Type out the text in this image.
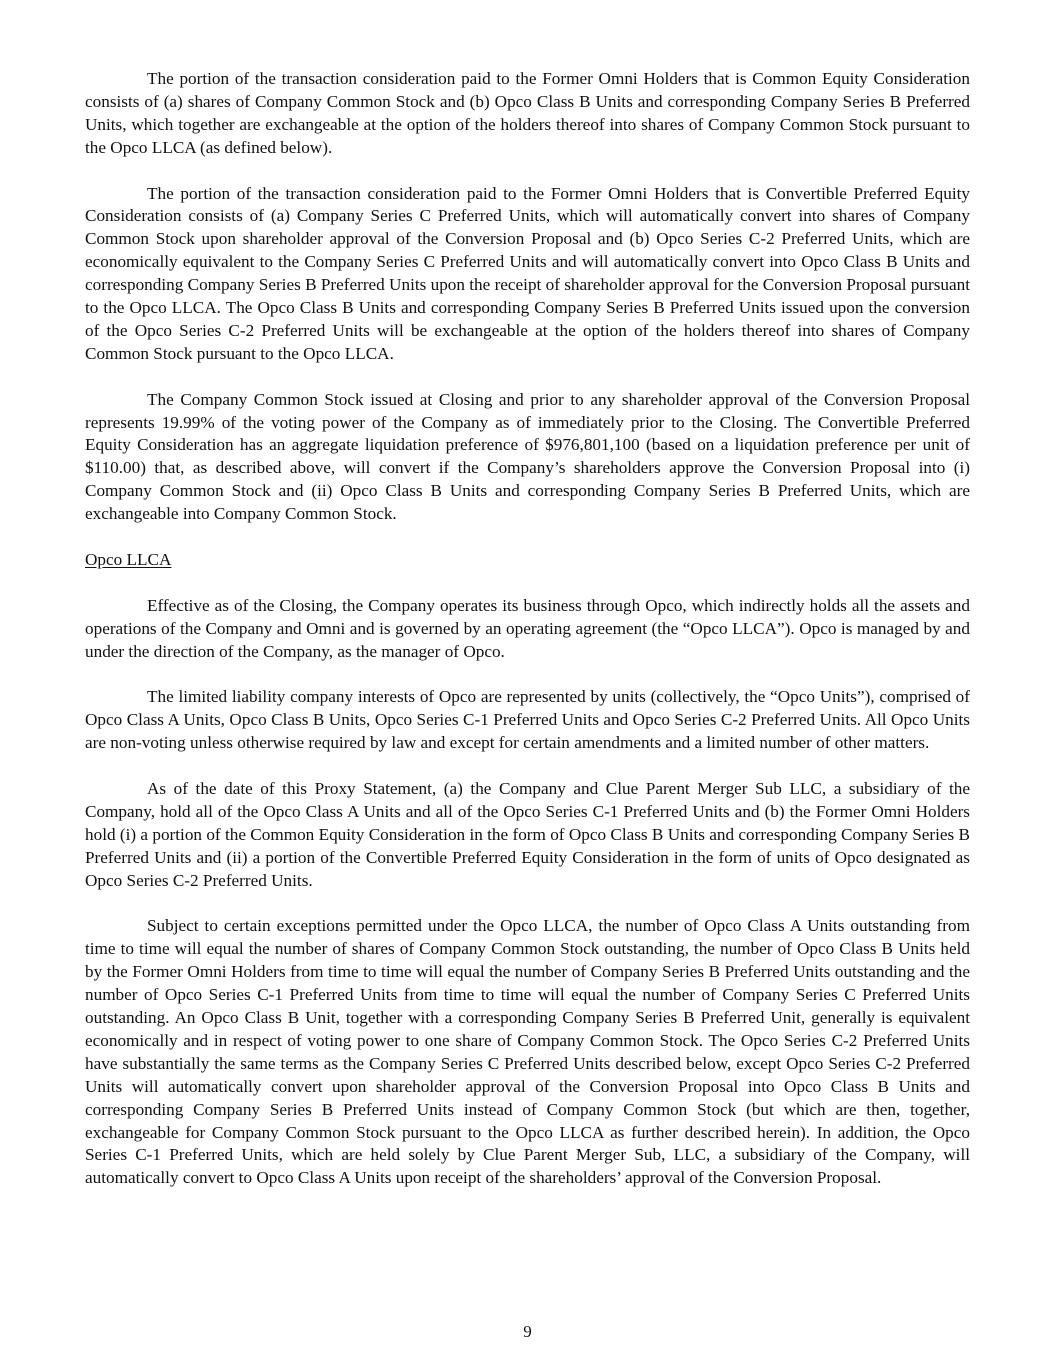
The portion of the transaction consideration paid to the Former Omni Holders that is Common Equity Consideration consists of (a) shares of Company Common Stock and (b) Opco Class B Units and corresponding Company Series B Preferred Units, which together are exchangeable at the option of the holders thereof into shares of Company Common Stock pursuant to the Opco LLCA (as defined below).

The portion of the transaction consideration paid to the Former Omni Holders that is Convertible Preferred Equity Consideration consists of (a) Company Series C Preferred Units, which will automatically convert into shares of Company Common Stock upon shareholder approval of the Conversion Proposal and (b) Opco Series C-2 Preferred Units, which are economically equivalent to the Company Series C Preferred Units and will automatically convert into Opco Class B Units and corresponding Company Series B Preferred Units upon the receipt of shareholder approval for the Conversion Proposal pursuant to the Opco LLCA. The Opco Class B Units and corresponding Company Series B Preferred Units issued upon the conversion of the Opco Series C-2 Preferred Units will be exchangeable at the option of the holders thereof into shares of Company Common Stock pursuant to the Opco LLCA.

The Company Common Stock issued at Closing and prior to any shareholder approval of the Conversion Proposal represents 19.99% of the voting power of the Company as of immediately prior to the Closing. The Convertible Preferred Equity Consideration has an aggregate liquidation preference of $976,801,100 (based on a liquidation preference per unit of $110.00) that, as described above, will convert if the Company’s shareholders approve the Conversion Proposal into (i) Company Common Stock and (ii) Opco Class B Units and corresponding Company Series B Preferred Units, which are exchangeable into Company Common Stock.

Opco LLCA

Effective as of the Closing, the Company operates its business through Opco, which indirectly holds all the assets and operations of the Company and Omni and is governed by an operating agreement (the “Opco LLCA”). Opco is managed by and under the direction of the Company, as the manager of Opco.

The limited liability company interests of Opco are represented by units (collectively, the “Opco Units”), comprised of Opco Class A Units, Opco Class B Units, Opco Series C-1 Preferred Units and Opco Series C-2 Preferred Units. All Opco Units are non-voting unless otherwise required by law and except for certain amendments and a limited number of other matters.

As of the date of this Proxy Statement, (a) the Company and Clue Parent Merger Sub LLC, a subsidiary of the Company, hold all of the Opco Class A Units and all of the Opco Series C-1 Preferred Units and (b) the Former Omni Holders hold (i) a portion of the Common Equity Consideration in the form of Opco Class B Units and corresponding Company Series B Preferred Units and (ii) a portion of the Convertible Preferred Equity Consideration in the form of units of Opco designated as Opco Series C-2 Preferred Units.

Subject to certain exceptions permitted under the Opco LLCA, the number of Opco Class A Units outstanding from time to time will equal the number of shares of Company Common Stock outstanding, the number of Opco Class B Units held by the Former Omni Holders from time to time will equal the number of Company Series B Preferred Units outstanding and the number of Opco Series C-1 Preferred Units from time to time will equal the number of Company Series C Preferred Units outstanding. An Opco Class B Unit, together with a corresponding Company Series B Preferred Unit, generally is equivalent economically and in respect of voting power to one share of Company Common Stock. The Opco Series C-2 Preferred Units have substantially the same terms as the Company Series C Preferred Units described below, except Opco Series C-2 Preferred Units will automatically convert upon shareholder approval of the Conversion Proposal into Opco Class B Units and corresponding Company Series B Preferred Units instead of Company Common Stock (but which are then, together, exchangeable for Company Common Stock pursuant to the Opco LLCA as further described herein). In addition, the Opco Series C-1 Preferred Units, which are held solely by Clue Parent Merger Sub, LLC, a subsidiary of the Company, will automatically convert to Opco Class A Units upon receipt of the shareholders’ approval of the Conversion Proposal.

9
